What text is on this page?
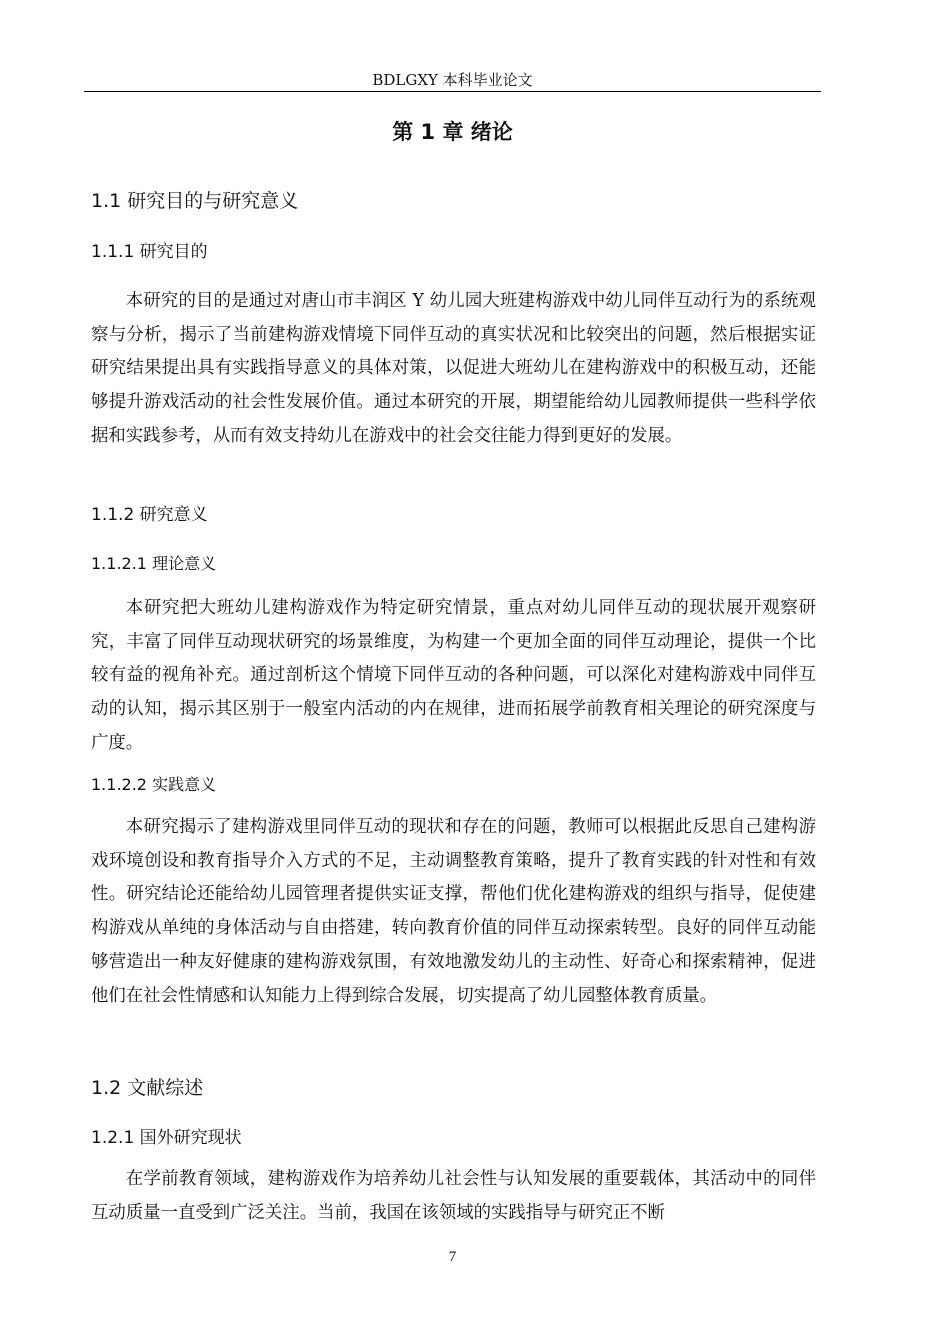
BDLGXY 本科毕业论文
第 1 章 绪论
1.1 研究目的与研究意义
1.1.1 研究目的

本研究的目的是通过对唐山市丰润区 Y 幼儿园大班建构游戏中幼儿同伴互动行为的系统观察与分析，揭示了当前建构游戏情境下同伴互动的真实状况和比较突出的问题，然后根据实证研究结果提出具有实践指导意义的具体对策，以促进大班幼儿在建构游戏中的积极互动，还能够提升游戏活动的社会性发展价值。通过本研究的开展，期望能给幼儿园教师提供一些科学依据和实践参考，从而有效支持幼儿在游戏中的社会交往能力得到更好的发展。

1.1.2 研究意义
1.1.2.1 理论意义

本研究把大班幼儿建构游戏作为特定研究情景，重点对幼儿同伴互动的现状展开观察研究，丰富了同伴互动现状研究的场景维度，为构建一个更加全面的同伴互动理论，提供一个比较有益的视角补充。通过剖析这个情境下同伴互动的各种问题，可以深化对建构游戏中同伴互动的认知，揭示其区别于一般室内活动的内在规律，进而拓展学前教育相关理论的研究深度与广度。

1.1.2.2 实践意义

本研究揭示了建构游戏里同伴互动的现状和存在的问题，教师可以根据此反思自己建构游戏环境创设和教育指导介入方式的不足，主动调整教育策略，提升了教育实践的针对性和有效性。研究结论还能给幼儿园管理者提供实证支撑，帮他们优化建构游戏的组织与指导，促使建构游戏从单纯的身体活动与自由搭建，转向教育价值的同伴互动探索转型。良好的同伴互动能够营造出一种友好健康的建构游戏氛围，有效地激发幼儿的主动性、好奇心和探索精神，促进他们在社会性情感和认知能力上得到综合发展，切实提高了幼儿园整体教育质量。

1.2 文献综述
1.2.1 国外研究现状

在学前教育领域，建构游戏作为培养幼儿社会性与认知发展的重要载体，其活动中的同伴互动质量一直受到广泛关注。当前，我国在该领域的实践指导与研究正不断

7
